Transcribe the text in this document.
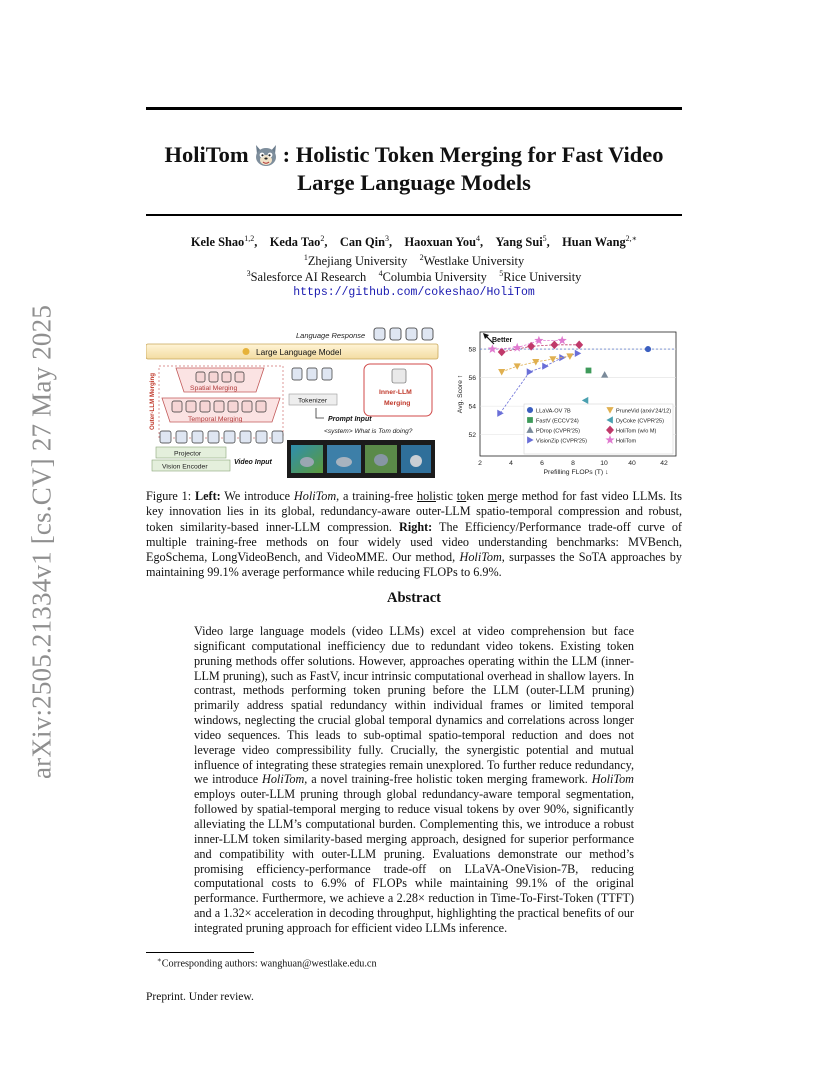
arXiv:2505.21334v1 [cs.CV] 27 May 2025
HoliTom : Holistic Token Merging for Fast Video
Large Language Models
Kele Shao$^{1,2}$, Keda Tao$^2$, Can Qin$^3$, Haoxuan You$^4$, Yang Sui$^5$, Huan Wang$^{2,∗}$
$^1$Zhejiang University  $^2$Westlake University
$^3$Salesforce AI Research  $^4$Columbia University  $^5$Rice University
https://github.com/cokeshao/HoliTom
Language Response
Large Language Model
Outer-LLM Merging	Spatial Merging
Temporal Merging
Projector
Vision Encoder
Video Input
Tokenizer
Prompt Input
<system> What is Tom doing?
Inner-LLM
Merging
52
54
56
58
2	4	6	8	10	40	42
Prefilling FLOPs (T) ↓
Avg. Score ↑
Better
LLaVA-OV 7B
FastV (ECCV'24)
PDrop (CVPR'25)
VisionZip (CVPR'25)
PruneVid (arxiv'24/12)
DyCoke (CVPR'25)
HoliTom (w/o M)
HoliTom
Figure 1: Left: We introduce HoliTom, a training-free holistic token merge method for fast video LLMs. Its key innovation lies in its global, redundancy-aware outer-LLM spatio-temporal compression and robust, token similarity-based inner-LLM compression. Right: The Efficiency/Performance trade-off curve of multiple training-free methods on four widely used video understanding benchmarks: MVBench, EgoSchema, LongVideoBench, and VideoMME. Our method, HoliTom, surpasses the SoTA approaches by maintaining 99.1% average performance while reducing FLOPs to 6.9%.
Abstract
Video large language models (video LLMs) excel at video comprehension but face significant computational inefficiency due to redundant video tokens. Existing token pruning methods offer solutions. However, approaches operating within the LLM (inner-LLM pruning), such as FastV, incur intrinsic computational overhead in shallow layers. In contrast, methods performing token pruning before the LLM (outer-LLM pruning) primarily address spatial redundancy within individual frames or limited temporal windows, neglecting the crucial global temporal dynamics and correlations across longer video sequences. This leads to sub-optimal spatio-temporal reduction and does not leverage video compressibility fully. Crucially, the synergistic potential and mutual influence of integrating these strategies remain unexplored. To further reduce redundancy, we introduce HoliTom, a novel training-free holistic token merging framework. HoliTom employs outer-LLM pruning through global redundancy-aware temporal segmentation, followed by spatial-temporal merging to reduce visual tokens by over 90%, significantly alleviating the LLM’s computational burden. Complementing this, we introduce a robust inner-LLM token similarity-based merging approach, designed for superior performance and compatibility with outer-LLM pruning. Evaluations demonstrate our method’s promising efficiency-performance trade-off on LLaVA-OneVision-7B, reducing computational costs to 6.9% of FLOPs while maintaining 99.1% of the original performance. Furthermore, we achieve a 2.28× reduction in Time-To-First-Token (TTFT) and a 1.32× acceleration in decoding throughput, highlighting the practical benefits of our integrated pruning approach for efficient video LLMs inference.
∗Corresponding authors: wanghuan@westlake.edu.cn
Preprint. Under review.
